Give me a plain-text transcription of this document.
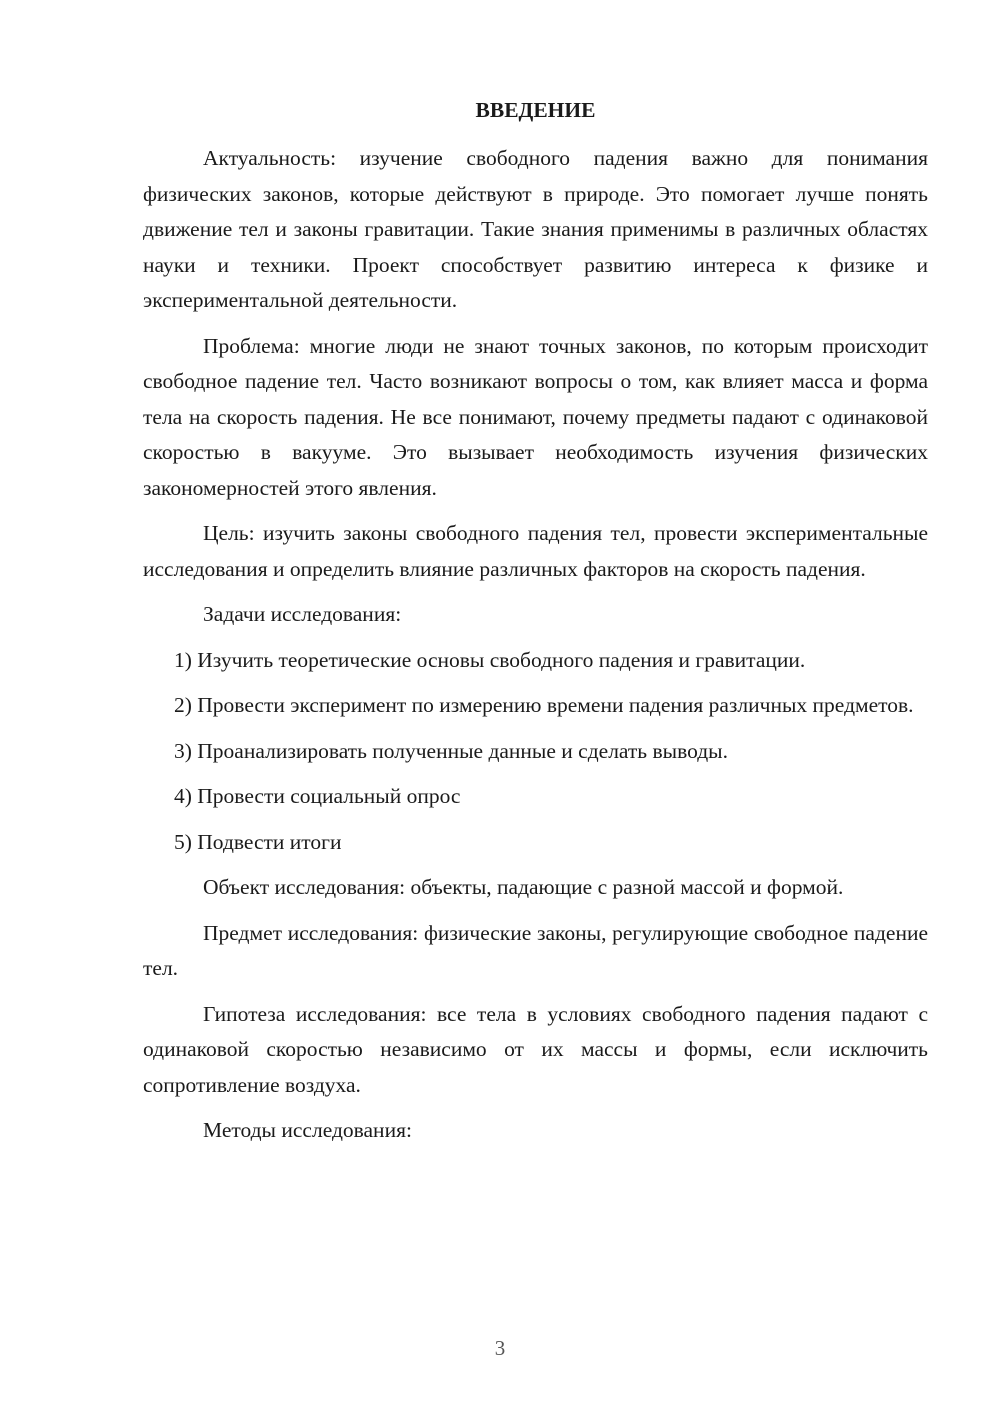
ВВЕДЕНИЕ

Актуальность: изучение свободного падения важно для понимания физических законов, которые действуют в природе. Это помогает лучше понять движение тел и законы гравитации. Такие знания применимы в различных областях науки и техники. Проект способствует развитию интереса к физике и экспериментальной деятельности.

Проблема: многие люди не знают точных законов, по которым происходит свободное падение тел. Часто возникают вопросы о том, как влияет масса и форма тела на скорость падения. Не все понимают, почему предметы падают с одинаковой скоростью в вакууме. Это вызывает необходимость изучения физических закономерностей этого явления.

Цель: изучить законы свободного падения тел, провести экспериментальные исследования и определить влияние различных факторов на скорость падения.

Задачи исследования:

1) Изучить теоретические основы свободного падения и гравитации.

2) Провести эксперимент по измерению времени падения различных предметов.

3) Проанализировать полученные данные и сделать выводы.

4) Провести социальный опрос

5) Подвести итоги

Объект исследования: объекты, падающие с разной массой и формой.

Предмет исследования: физические законы, регулирующие свободное падение тел.

Гипотеза исследования: все тела в условиях свободного падения падают с одинаковой скоростью независимо от их массы и формы, если исключить сопротивление воздуха.

Методы исследования:

3
